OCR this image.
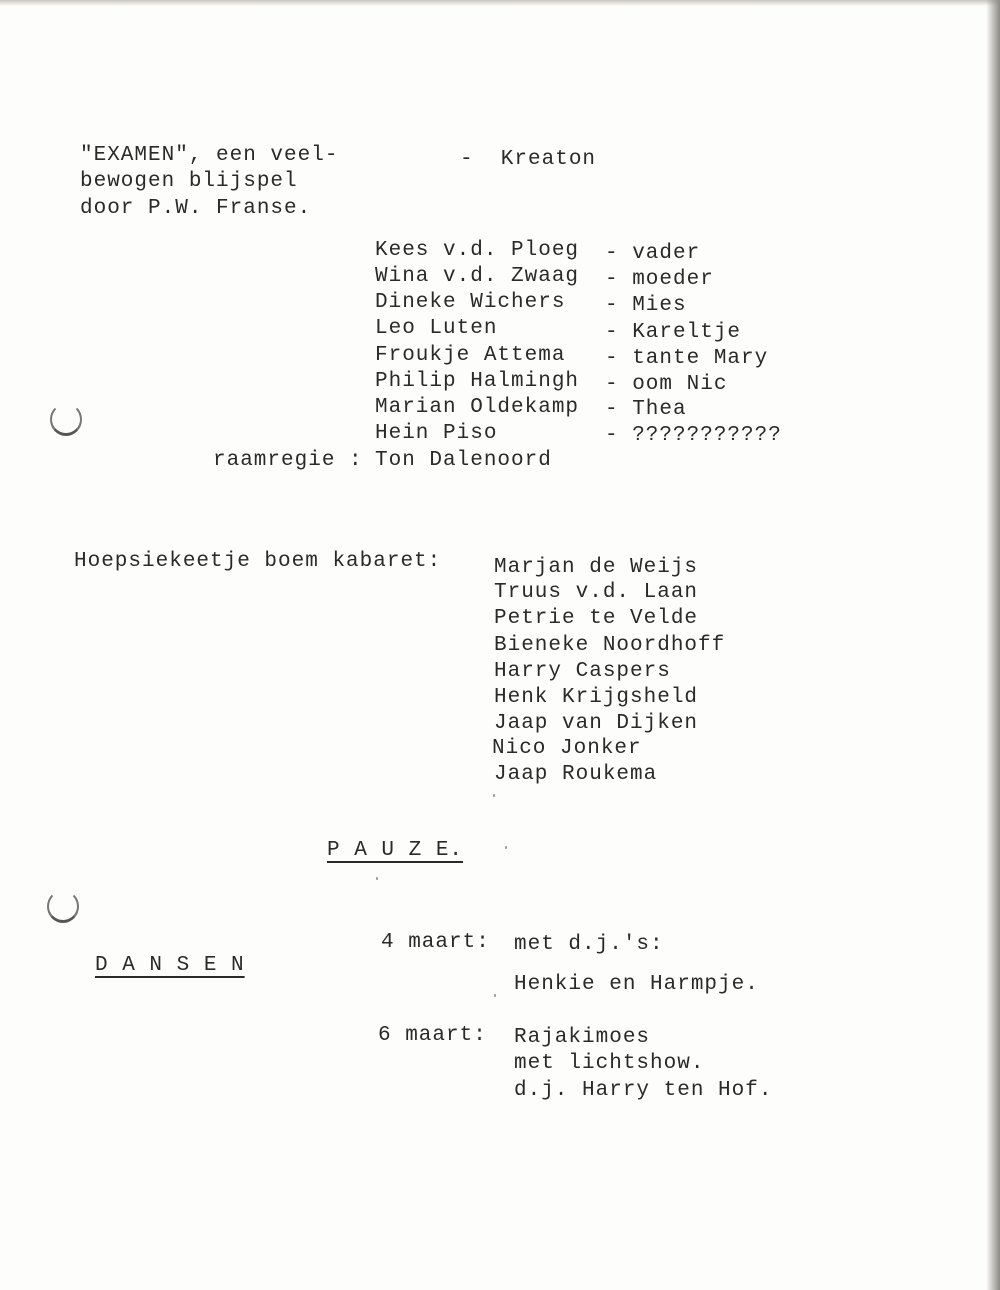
"EXAMEN", een veel-
bewogen blijspel
door P.W. Franse.
-  Kreaton
Kees v.d. Ploeg - vader
Wina v.d. Zwaag - moeder
Dineke Wichers - Mies
Leo Luten	- Kareltje
Froukje Attema - tante Mary
Philip Halmingh - oom Nic
Marian Oldekamp - Thea
Hein Piso	- ???????????
raamregie : Ton Dalenoord
Hoepsiekeetje boem kabaret:	Marjan de Weijs
Truus v.d. Laan
Petrie te Velde
Bieneke Noordhoff
Harry Caspers
Henk Krijgsheld
Jaap van Dijken
Nico Jonker
Jaap Roukema
P A U Z E.
D A N S E N
4 maart: met d.j.'s:
Henkie en Harmpje.
6 maart: Rajakimoes
met lichtshow.
d.j. Harry ten Hof.
